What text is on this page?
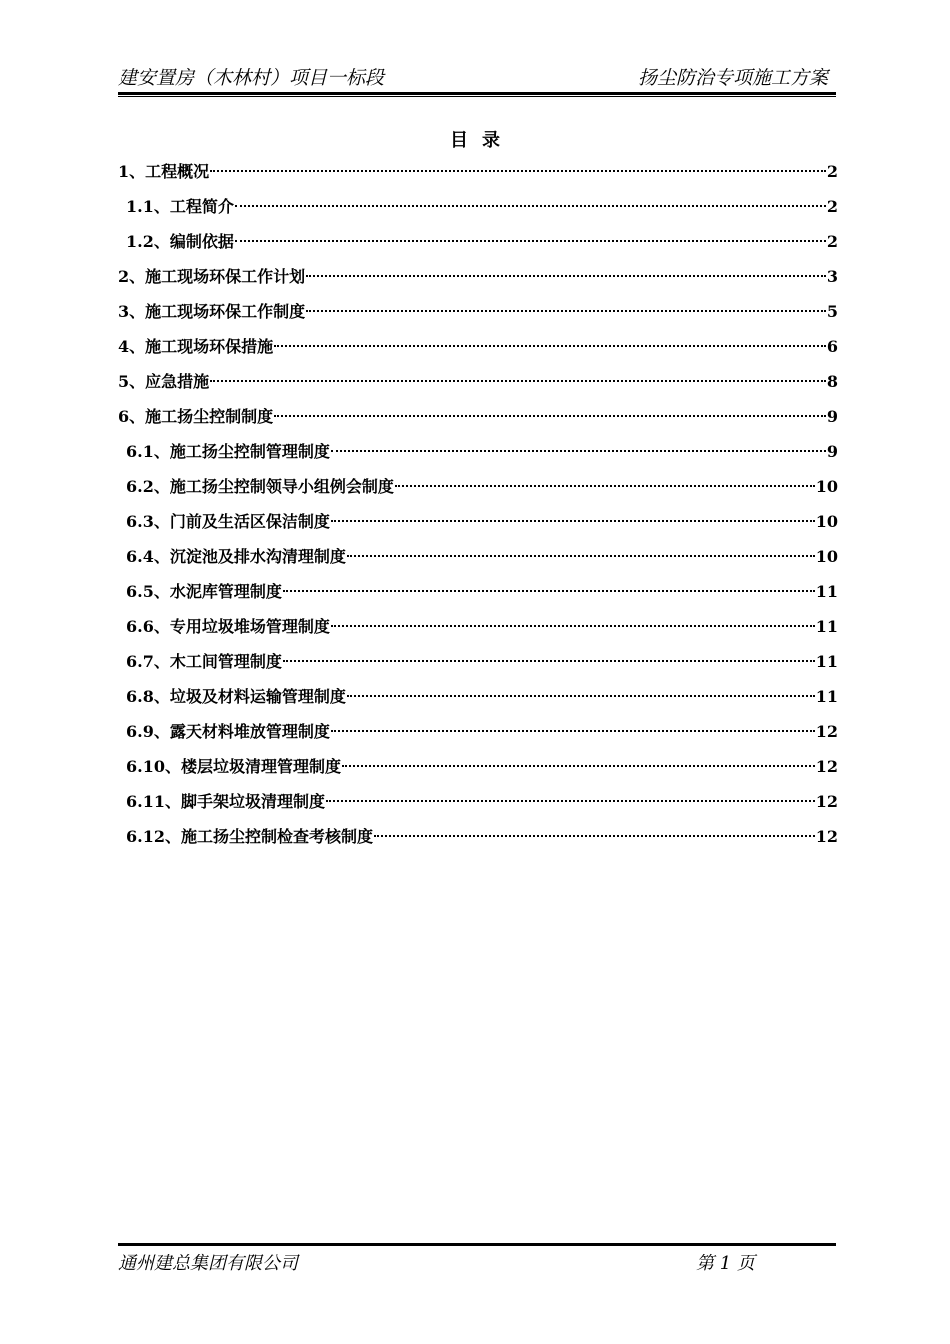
建安置房（木林村）项目一标段	扬尘防治专项施工方案
目录
1、工程概况	2
1.1、工程简介	2
1.2、编制依据	2
2、施工现场环保工作计划	3
3、施工现场环保工作制度	5
4、施工现场环保措施	6
5、应急措施	8
6、施工扬尘控制制度	9
6.1、施工扬尘控制管理制度	9
6.2、施工扬尘控制领导小组例会制度	10
6.3、门前及生活区保洁制度	10
6.4、沉淀池及排水沟清理制度	10
6.5、水泥库管理制度	11
6.6、专用垃圾堆场管理制度	11
6.7、木工间管理制度	11
6.8、垃圾及材料运输管理制度	11
6.9、露天材料堆放管理制度	12
6.10、楼层垃圾清理管理制度	12
6.11、脚手架垃圾清理制度	12
6.12、施工扬尘控制检查考核制度	12
通州建总集团有限公司	第 1 页
